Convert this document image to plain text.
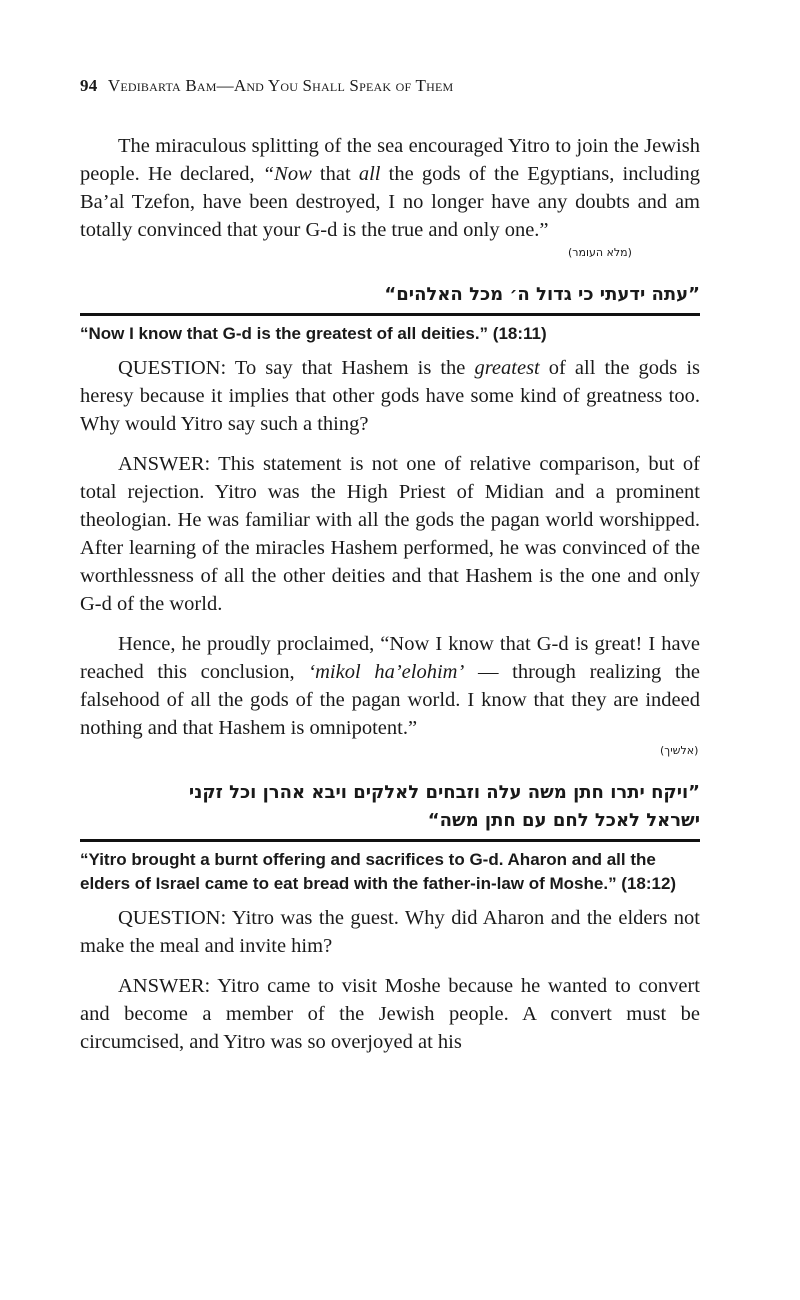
94 Vedibarta Bam—And You Shall Speak of Them

The miraculous splitting of the sea encouraged Yitro to join the Jewish people. He declared, “Now that all the gods of the Egyptians, including Ba’al Tzefon, have been destroyed, I no longer have any doubts and am totally convinced that your G-d is the true and only one.”

(מלא העומר)
”עתה ידעתי כי גדול ה׳ מכל האלהים“
“Now I know that G-d is the greatest of all deities.” (18:11)

QUESTION: To say that Hashem is the greatest of all the gods is heresy because it implies that other gods have some kind of greatness too. Why would Yitro say such a thing?

ANSWER: This statement is not one of relative comparison, but of total rejection. Yitro was the High Priest of Midian and a prominent theologian. He was familiar with all the gods the pagan world worshipped. After learning of the miracles Hashem performed, he was convinced of the worthlessness of all the other deities and that Hashem is the one and only G-d of the world.

Hence, he proudly proclaimed, “Now I know that G-d is great! I have reached this conclusion, ‘mikol ha’elohim’ — through realizing the falsehood of all the gods of the pagan world. I know that they are indeed nothing and that Hashem is omnipotent.”

(אלשיך)
”ויקח יתרו חתן משה עלה וזבחים לאלקים ויבא אהרן וכל זקני
ישראל לאכל לחם עם חתן משה“
“Yitro brought a burnt offering and sacrifices to G-d. Aharon and all the elders of Israel came to eat bread with the father-in-law of Moshe.” (18:12)

QUESTION: Yitro was the guest. Why did Aharon and the elders not make the meal and invite him?

ANSWER: Yitro came to visit Moshe because he wanted to convert and become a member of the Jewish people. A convert must be circumcised, and Yitro was so overjoyed at his
